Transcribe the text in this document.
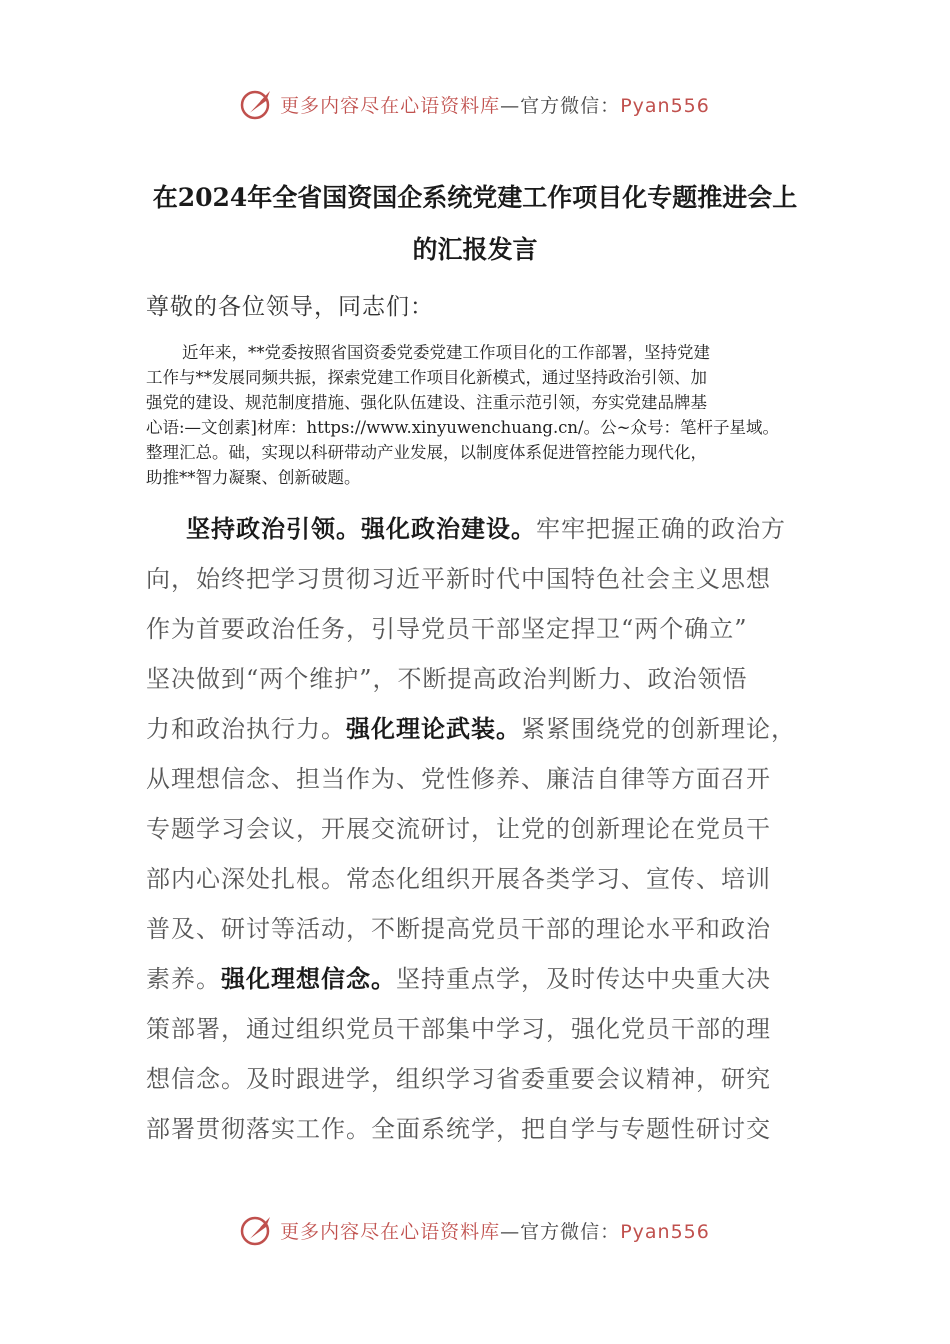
更多内容尽在心语资料库—官方微信：Pyan556
在2024年全省国资国企系统党建工作项目化专题推进会上
的汇报发言
尊敬的各位领导，同志们：

近年来，**党委按照省国资委党委党建工作项目化的工作部署，坚持党建
工作与**发展同频共振，探索党建工作项目化新模式，通过坚持政治引领、加
强党的建设、规范制度措施、强化队伍建设、注重示范引领，夯实党建品牌基
心语:—文创素]材库：https://www.xinyuwenchuang.cn/。公~众号：笔杆子星域。
整理汇总。础，实现以科研带动产业发展，以制度体系促进管控能力现代化，
助推**智力凝聚、创新破题。

坚持政治引领。强化政治建设。牢牢把握正确的政治方
向，始终把学习贯彻习近平新时代中国特色社会主义思想
作为首要政治任务，引导党员干部坚定捍卫“两个确立”
坚决做到“两个维护”，不断提高政治判断力、政治领悟
力和政治执行力。强化理论武装。紧紧围绕党的创新理论，
从理想信念、担当作为、党性修养、廉洁自律等方面召开
专题学习会议，开展交流研讨，让党的创新理论在党员干
部内心深处扎根。常态化组织开展各类学习、宣传、培训
普及、研讨等活动，不断提高党员干部的理论水平和政治
素养。强化理想信念。坚持重点学，及时传达中央重大决
策部署，通过组织党员干部集中学习，强化党员干部的理
想信念。及时跟进学，组织学习省委重要会议精神，研究
部署贯彻落实工作。全面系统学，把自学与专题性研讨交

更多内容尽在心语资料库—官方微信：Pyan556
